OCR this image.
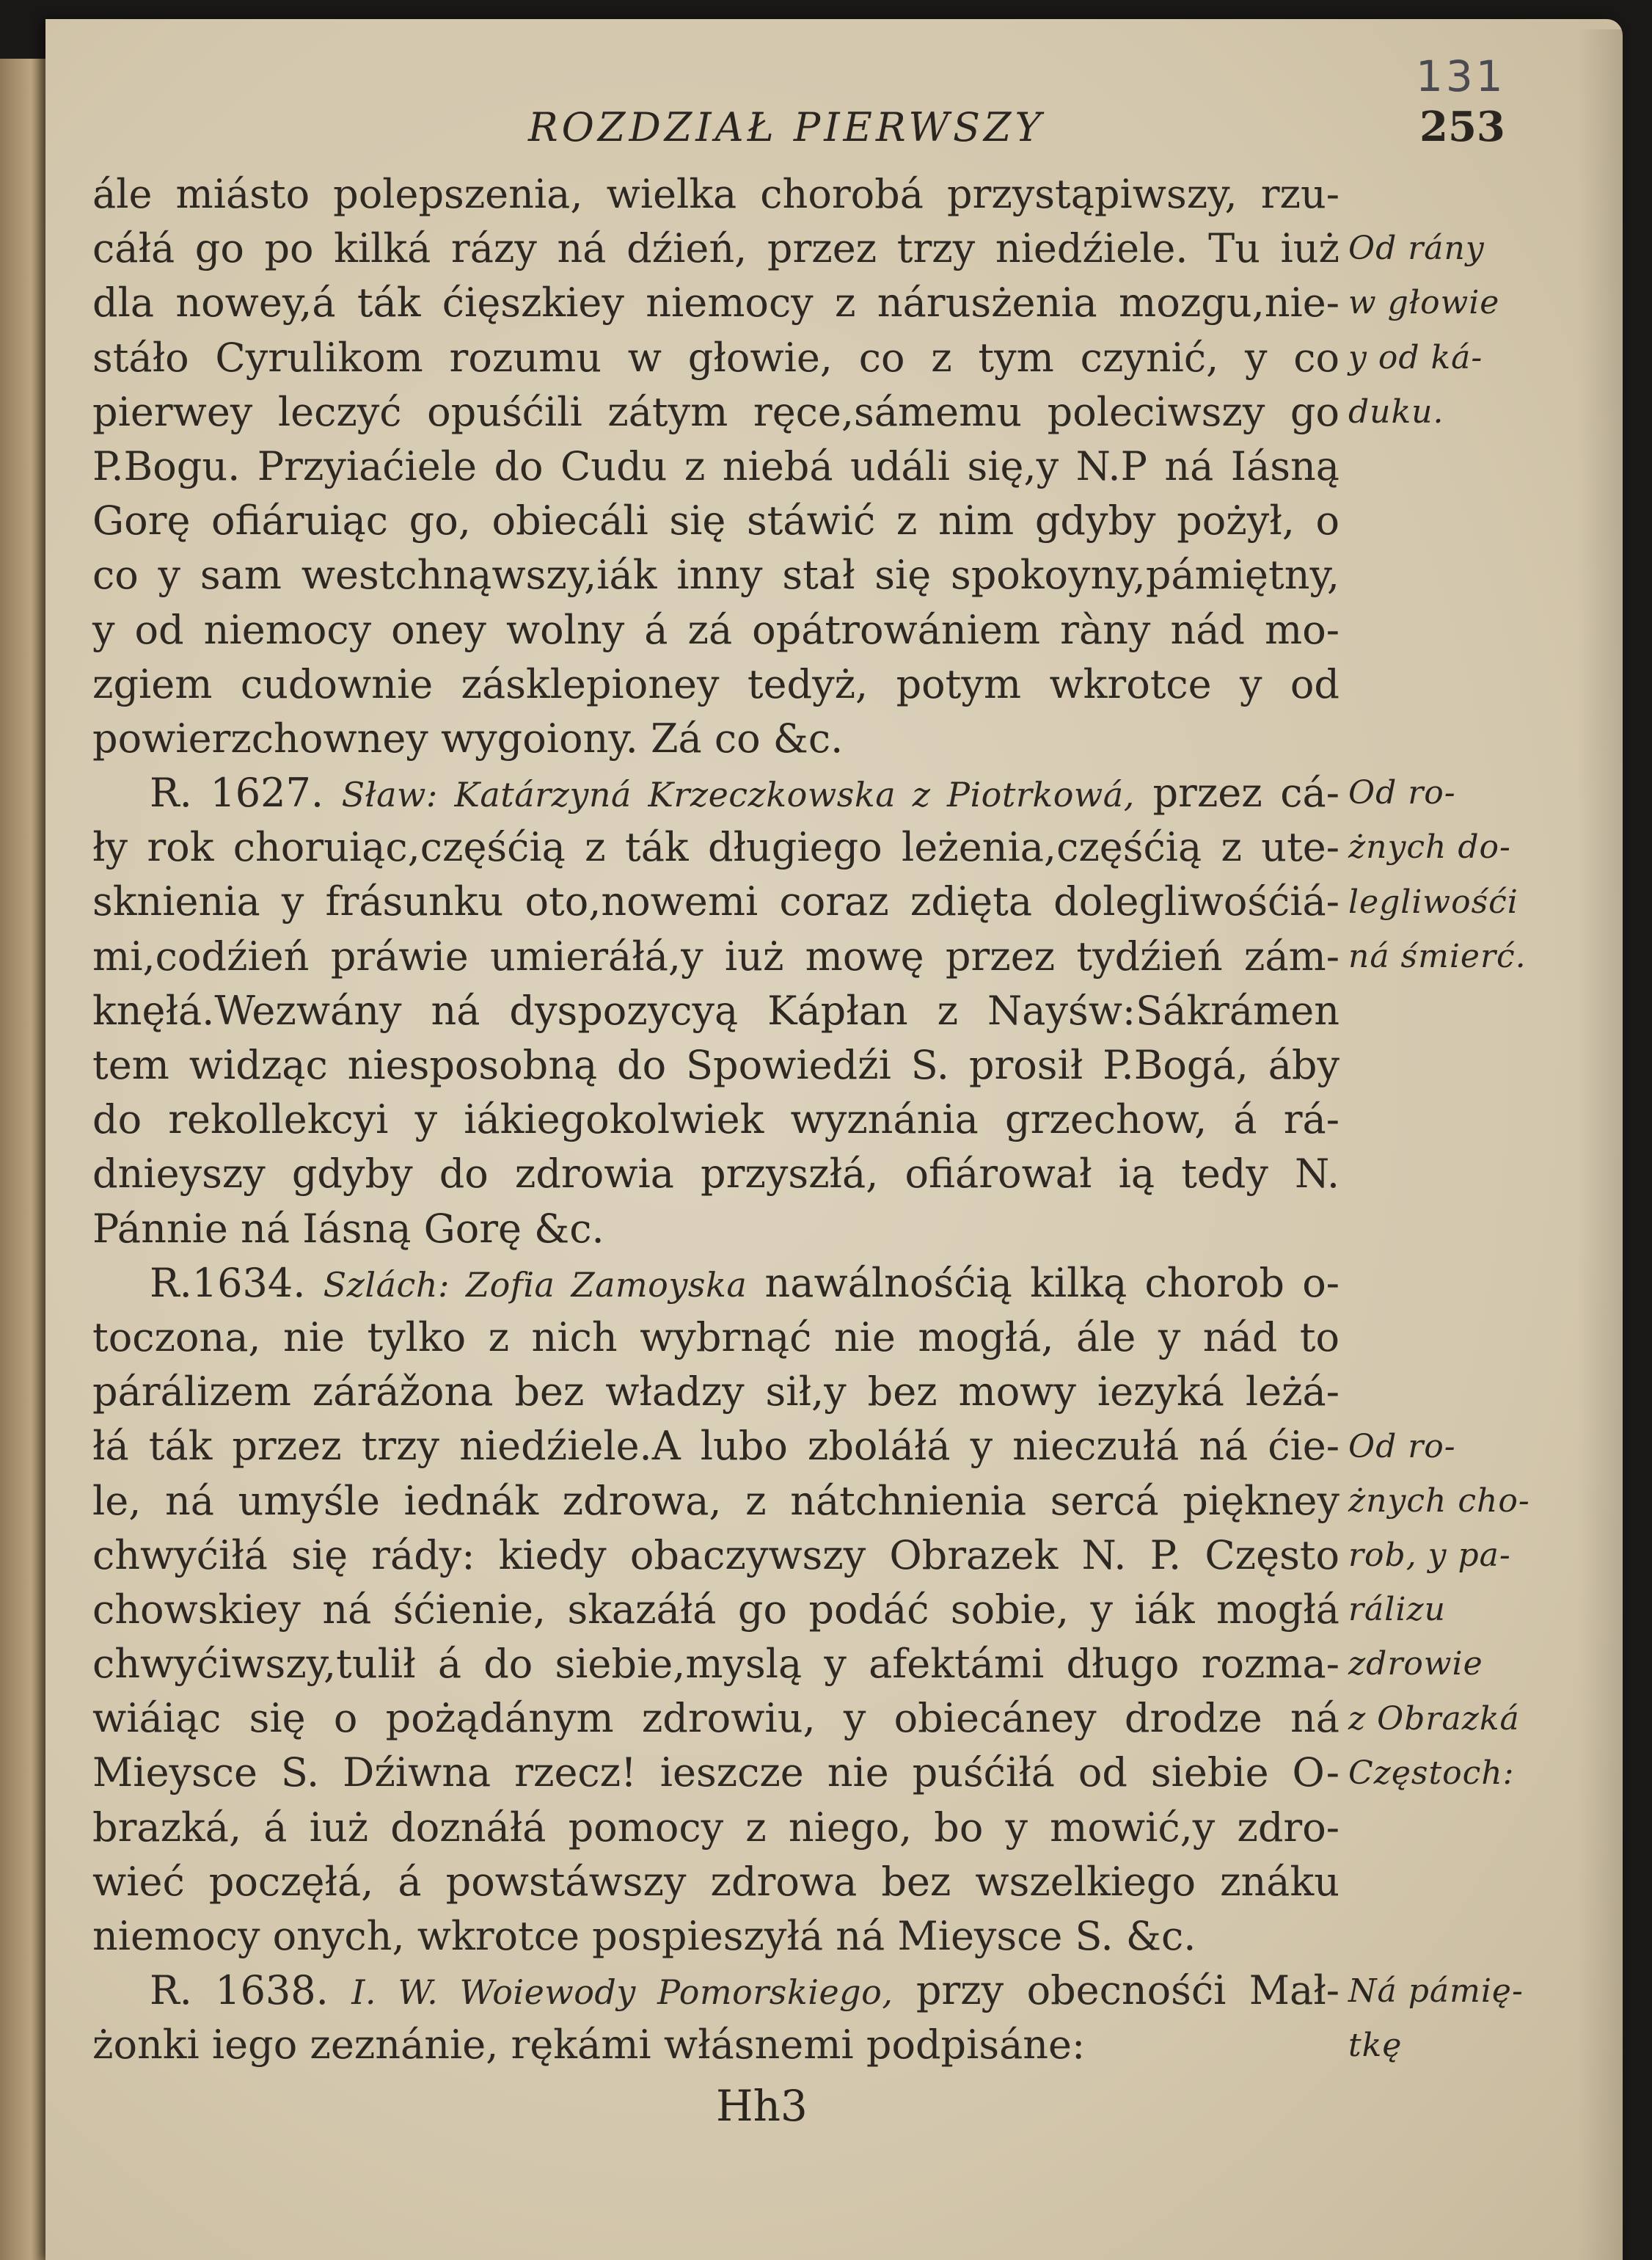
131
ROZDZIAŁ PIERWSZY	253
ále miásto polepszenia, wielka chorobá przystąpiwszy, rzu-
cáłá go po kilká rázy ná dźień, przez trzy niedźiele. Tu iuż
dla nowey,á ták ćięszkiey niemocy z nárusżenia mozgu,nie-
stáło Cyrulikom rozumu w głowie, co z tym czynić, y co
pierwey leczyć opuśćili zátym ręce,sámemu poleciwszy go
P.Bogu. Przyiaćiele do Cudu z niebá událi się,y N.P ná Iásną
Gorę ofiáruiąc go, obiecáli się stáwić z nim gdyby pożył, o
co y sam westchnąwszy,iák inny stał się spokoyny,pámiętny,
y od niemocy oney wolny á zá opátrowániem ràny nád mo-
zgiem cudownie zásklepioney tedyż, potym wkrotce y od
powierzchowney wygoiony. Zá co &c.
R. 1627. Sław: Katárzyná Krzeczkowska z Piotrkowá, przez cá-
ły rok choruiąc,częśćią z ták długiego leżenia,częśćią z ute-
sknienia y frásunku oto,nowemi coraz zdięta dolegliwośćiá-
mi,codźień práwie umieráłá,y iuż mowę przez tydźień zám-
knęłá.Wezwány ná dyspozycyą Kápłan z Nayśw:Sákrámen
tem widząc niesposobną do Spowiedźi S. prosił P.Bogá, áby
do rekollekcyi y iákiegokolwiek wyznánia grzechow, á rá-
dnieyszy gdyby do zdrowia przyszłá, ofiárował ią tedy N.
Pánnie ná Iásną Gorę &c.
R.1634. Szlách: Zofia Zamoyska nawálnośćią kilką chorob o-
toczona, nie tylko z nich wybrnąć nie mogłá, ále y nád to
párálizem zárážona bez władzy sił,y bez mowy iezyká leżá-
łá ták przez trzy niedźiele.A lubo zboláłá y nieczułá ná ćie-
le, ná umyśle iednák zdrowa, z nátchnienia sercá piękney
chwyćiłá się rády: kiedy obaczywszy Obrazek N. P. Często
chowskiey ná śćienie, skazáłá go podáć sobie, y iák mogłá
chwyćiwszy,tulił á do siebie,myslą y afektámi długo rozma-
wiáiąc się o pożądánym zdrowiu, y obiecáney drodze ná
Mieysce S. Dźiwna rzecz! ieszcze nie puśćiłá od siebie O-
brazká, á iuż doznáłá pomocy z niego, bo y mowić,y zdro-
wieć poczęłá, á powstáwszy zdrowa bez wszelkiego znáku
niemocy onych, wkrotce pospieszyłá ná Mieysce S. &c.
R. 1638. I. W. Woiewody Pomorskiego, przy obecnośći Mał-
żonki iego zeznánie, rękámi włásnemi podpisáne:
Od rány
w głowie
y od ká-
duku.
Od ro-
żnych do-
legliwośći
ná śmierć.
Od ro-
żnych cho-
rob, y pa-
rálizu
zdrowie
z Obrazká
Częstoch:
Ná pámię-
tkę
Hh3
